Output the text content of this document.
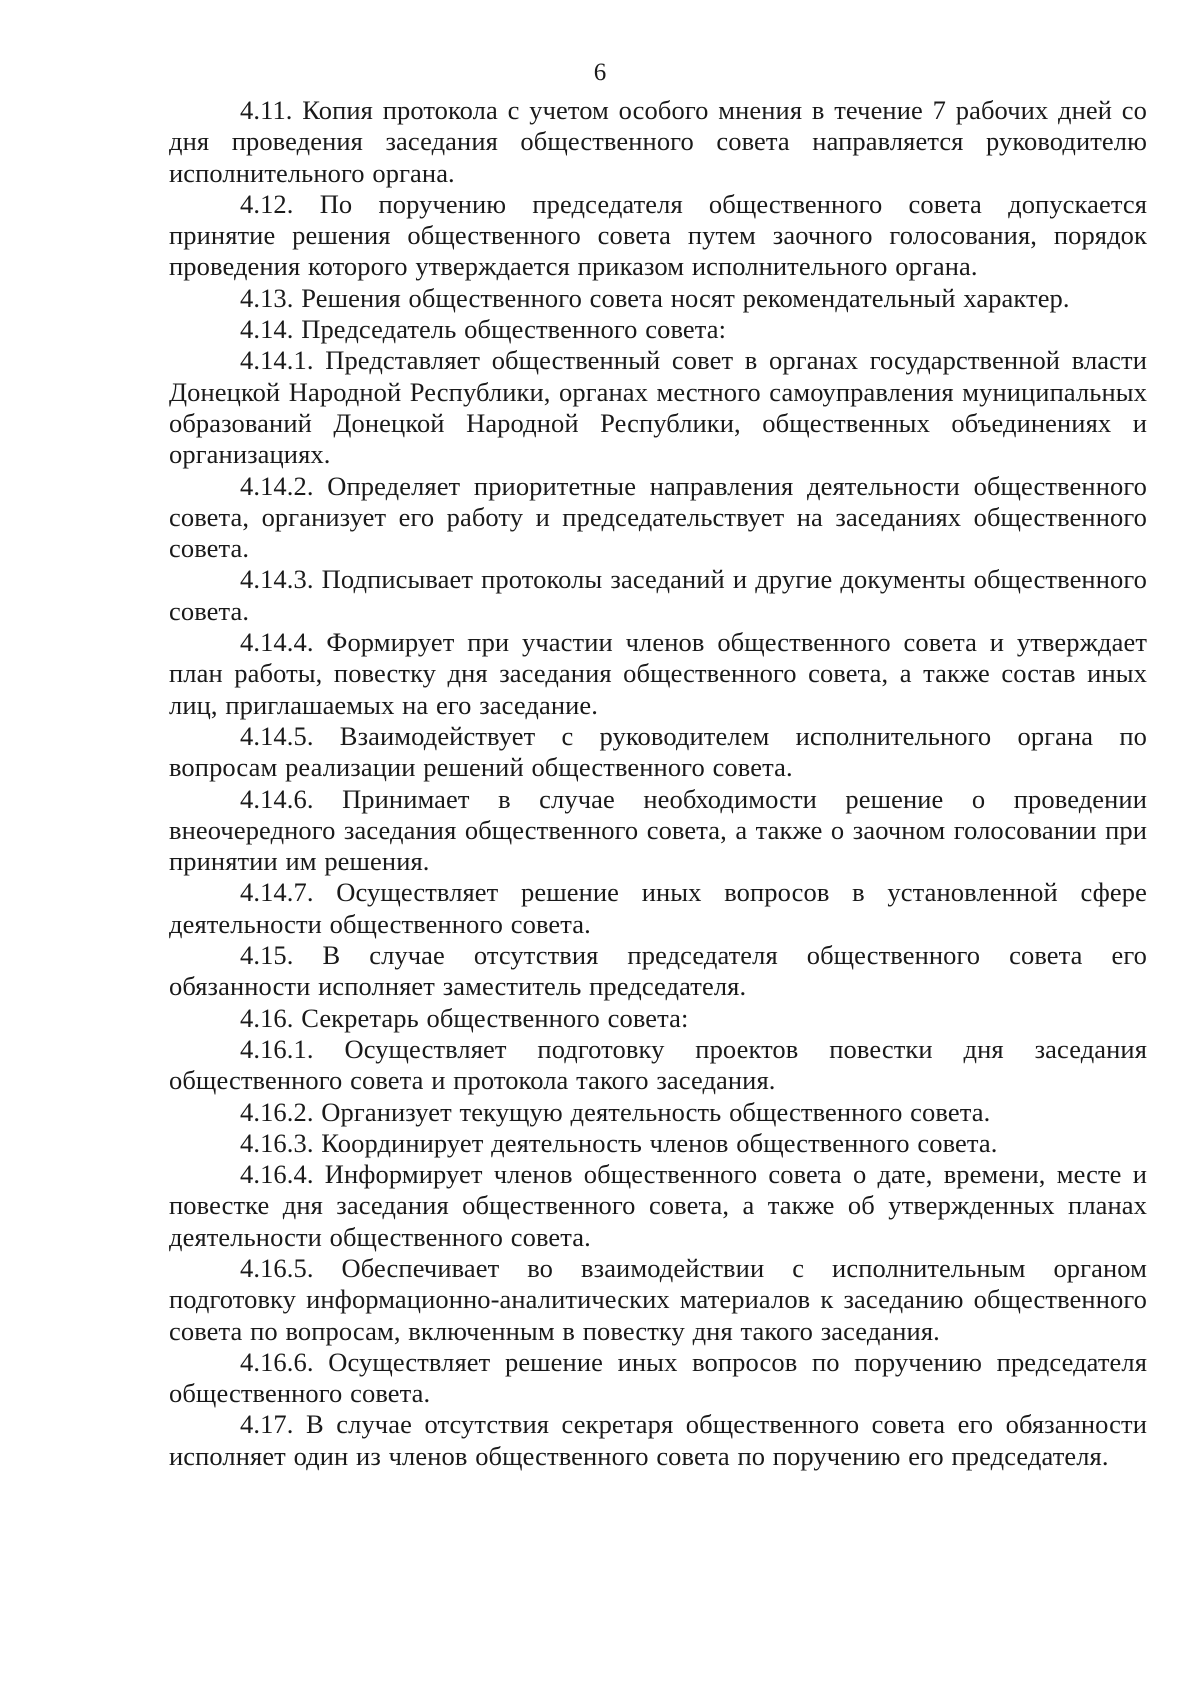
6

4.11. Копия протокола с учетом особого мнения в течение 7 рабочих дней со дня проведения заседания общественного совета направляется руководителю исполнительного органа.

4.12. По поручению председателя общественного совета допускается принятие решения общественного совета путем заочного голосования, порядок проведения которого утверждается приказом исполнительного органа.

4.13. Решения общественного совета носят рекомендательный характер.

4.14. Председатель общественного совета:

4.14.1. Представляет общественный совет в органах государственной власти Донецкой Народной Республики, органах местного самоуправления муниципальных образований Донецкой Народной Республики, общественных объединениях и организациях.

4.14.2. Определяет приоритетные направления деятельности общественного совета, организует его работу и председательствует на заседаниях общественного совета.

4.14.3. Подписывает протоколы заседаний и другие документы общественного совета.

4.14.4. Формирует при участии членов общественного совета и утверждает план работы, повестку дня заседания общественного совета, а также состав иных лиц, приглашаемых на его заседание.

4.14.5. Взаимодействует с руководителем исполнительного органа по вопросам реализации решений общественного совета.

4.14.6. Принимает в случае необходимости решение о проведении внеочередного заседания общественного совета, а также о заочном голосовании при принятии им решения.

4.14.7. Осуществляет решение иных вопросов в установленной сфере деятельности общественного совета.

4.15. В случае отсутствия председателя общественного совета его обязанности исполняет заместитель председателя.

4.16. Секретарь общественного совета:

4.16.1. Осуществляет подготовку проектов повестки дня заседания общественного совета и протокола такого заседания.

4.16.2. Организует текущую деятельность общественного совета.

4.16.3. Координирует деятельность членов общественного совета.

4.16.4. Информирует членов общественного совета о дате, времени, месте и повестке дня заседания общественного совета, а также об утвержденных планах деятельности общественного совета.

4.16.5. Обеспечивает во взаимодействии с исполнительным органом подготовку информационно-аналитических материалов к заседанию общественного совета по вопросам, включенным в повестку дня такого заседания.

4.16.6. Осуществляет решение иных вопросов по поручению председателя общественного совета.

4.17. В случае отсутствия секретаря общественного совета его обязанности исполняет один из членов общественного совета по поручению его председателя.
